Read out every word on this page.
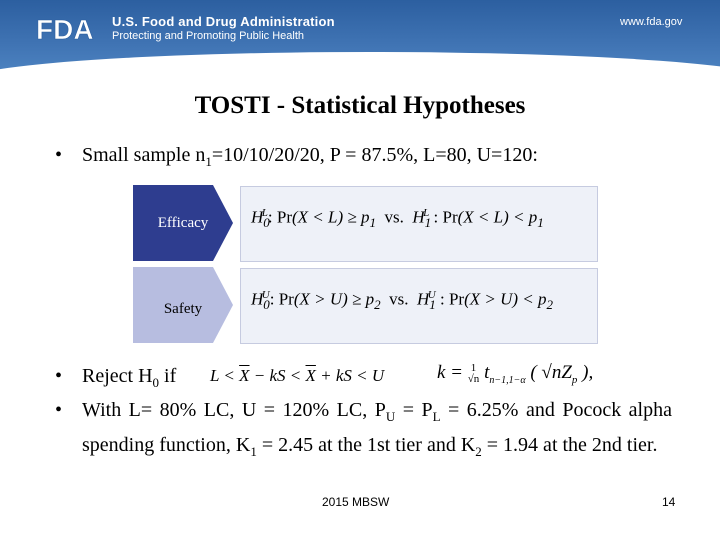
FDA U.S. Food and Drug Administration
Protecting and Promoting Public Health
www.fda.gov
TOSTI - Statistical Hypotheses
• Small sample $n_1=10/10/20/20$, P = 87.5%, L=80, U=120:
$H_0^L$: $Pr(X < L) \ge p_1$ vs.  $H_1^L$ : $Pr(X < L) < p_1$
$H_0^U$: $Pr(X > U) \ge p_2$ vs.  $H_1^U$ : $Pr(X > U) < p_2$
Efficacy
Safety
• Reject $H_0$ if $L < \overline{X}$ − kS < $\overline{X}$ + kS < U	k = 1
√n $t_{n-1,1-\alpha}$ ( $√nZ_p$ ),
• With L= 80% LC, U = 120% LC, $P_U = P_L = 6.25\%$ and Pocock alpha spending function, $K_1 = 2.45$ at the 1st tier and $K_2 = 1.94$ at the 2nd tier.
2015 MBSW	14
